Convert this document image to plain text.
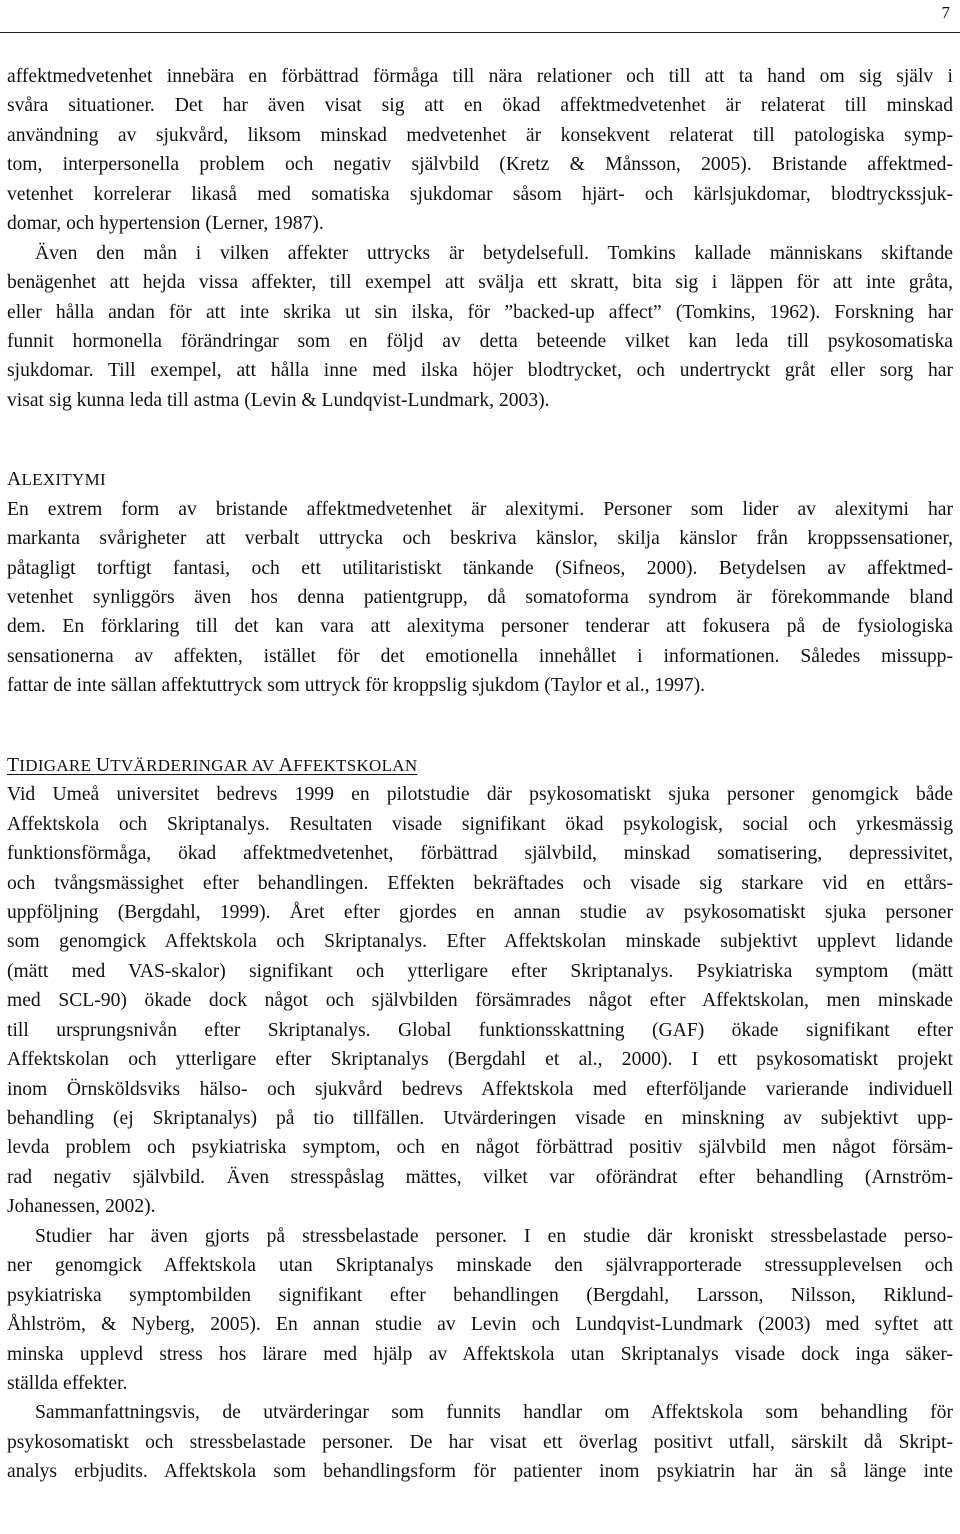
7
affektmedvetenhet innebära en förbättrad förmåga till nära relationer och till att ta hand om sig själv i
svåra situationer. Det har även visat sig att en ökad affektmedvetenhet är relaterat till minskad
användning av sjukvård, liksom minskad medvetenhet är konsekvent relaterat till patologiska symp-
tom, interpersonella problem och negativ självbild (Kretz & Månsson, 2005). Bristande affektmed-
vetenhet korrelerar likaså med somatiska sjukdomar såsom hjärt- och kärlsjukdomar, blodtryckssjuk-
domar, och hypertension (Lerner, 1987).
Även den mån i vilken affekter uttrycks är betydelsefull. Tomkins kallade människans skiftande
benägenhet att hejda vissa affekter, till exempel att svälja ett skratt, bita sig i läppen för att inte gråta,
eller hålla andan för att inte skrika ut sin ilska, för ”backed-up affect” (Tomkins, 1962). Forskning har
funnit hormonella förändringar som en följd av detta beteende vilket kan leda till psykosomatiska
sjukdomar. Till exempel, att hålla inne med ilska höjer blodtrycket, och undertryckt gråt eller sorg har
visat sig kunna leda till astma (Levin & Lundqvist-Lundmark, 2003).
ALEXITYMI
En extrem form av bristande affektmedvetenhet är alexitymi. Personer som lider av alexitymi har
markanta svårigheter att verbalt uttrycka och beskriva känslor, skilja känslor från kroppssensationer,
påtagligt torftigt fantasi, och ett utilitaristiskt tänkande (Sifneos, 2000). Betydelsen av affektmed-
vetenhet synliggörs även hos denna patientgrupp, då somatoforma syndrom är förekommande bland
dem. En förklaring till det kan vara att alexityma personer tenderar att fokusera på de fysiologiska
sensationerna av affekten, istället för det emotionella innehållet i informationen. Således missupp-
fattar de inte sällan affektuttryck som uttryck för kroppslig sjukdom (Taylor et al., 1997).
TIDIGARE UTVÄRDERINGAR AV AFFEKTSKOLAN
Vid Umeå universitet bedrevs 1999 en pilotstudie där psykosomatiskt sjuka personer genomgick både
Affektskola och Skriptanalys. Resultaten visade signifikant ökad psykologisk, social och yrkesmässig
funktionsförmåga, ökad affektmedvetenhet, förbättrad självbild, minskad somatisering, depressivitet,
och tvångsmässighet efter behandlingen. Effekten bekräftades och visade sig starkare vid en ettårs-
uppföljning (Bergdahl, 1999). Året efter gjordes en annan studie av psykosomatiskt sjuka personer
som genomgick Affektskola och Skriptanalys. Efter Affektskolan minskade subjektivt upplevt lidande
(mätt med VAS-skalor) signifikant och ytterligare efter Skriptanalys. Psykiatriska symptom (mätt
med SCL-90) ökade dock något och självbilden försämrades något efter Affektskolan, men minskade
till ursprungsnivån efter Skriptanalys. Global funktionsskattning (GAF) ökade signifikant efter
Affektskolan och ytterligare efter Skriptanalys (Bergdahl et al., 2000). I ett psykosomatiskt projekt
inom Örnsköldsviks hälso- och sjukvård bedrevs Affektskola med efterföljande varierande individuell
behandling (ej Skriptanalys) på tio tillfällen. Utvärderingen visade en minskning av subjektivt upp-
levda problem och psykiatriska symptom, och en något förbättrad positiv självbild men något försäm-
rad negativ självbild. Även stresspåslag mättes, vilket var oförändrat efter behandling (Arnström-
Johanessen, 2002).
Studier har även gjorts på stressbelastade personer. I en studie där kroniskt stressbelastade perso-
ner genomgick Affektskola utan Skriptanalys minskade den självrapporterade stressupplevelsen och
psykiatriska symptombilden signifikant efter behandlingen (Bergdahl, Larsson, Nilsson, Riklund-
Åhlström, & Nyberg, 2005). En annan studie av Levin och Lundqvist-Lundmark (2003) med syftet att
minska upplevd stress hos lärare med hjälp av Affektskola utan Skriptanalys visade dock inga säker-
ställda effekter.
Sammanfattningsvis, de utvärderingar som funnits handlar om Affektskola som behandling för
psykosomatiskt och stressbelastade personer. De har visat ett överlag positivt utfall, särskilt då Skript-
analys erbjudits. Affektskola som behandlingsform för patienter inom psykiatrin har än så länge inte
